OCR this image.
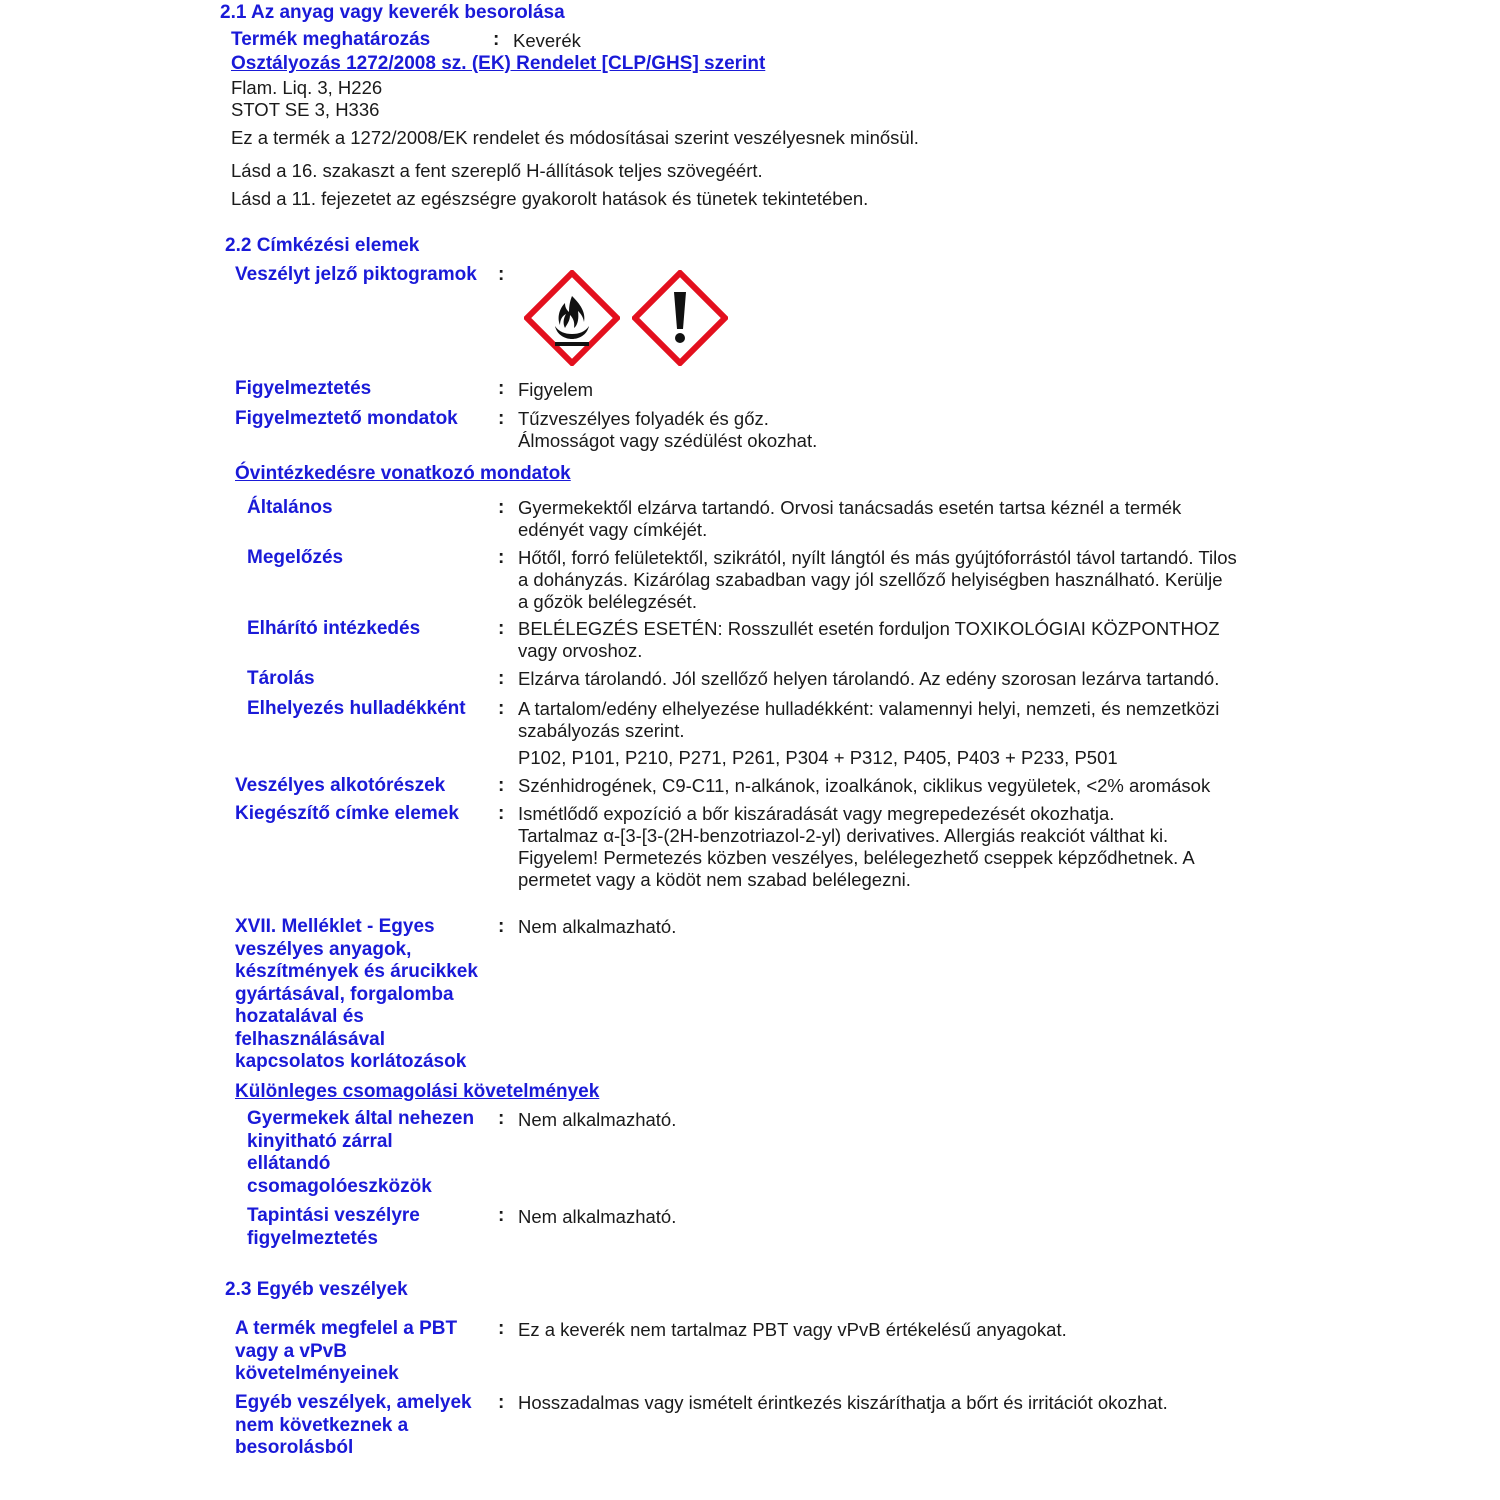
2.1 Az anyag vagy keverék besorolása
Termék meghatározás	: Keverék
Osztályozás 1272/2008 sz. (EK) Rendelet [CLP/GHS] szerint
Flam. Liq. 3, H226
STOT SE 3, H336
Ez a termék a 1272/2008/EK rendelet és módosításai szerint veszélyesnek minősül.
Lásd a 16. szakaszt a fent szereplő H-állítások teljes szövegéért.
Lásd a 11. fejezetet az egészségre gyakorolt hatások és tünetek tekintetében.
2.2 Címkézési elemek
Veszélyt jelző piktogramok :
Figyelmeztetés	: Figyelem
Figyelmeztető mondatok : Tűzveszélyes folyadék és gőz.
Álmosságot vagy szédülést okozhat.
Óvintézkedésre vonatkozó mondatok
Általános	: Gyermekektől elzárva tartandó. Orvosi tanácsadás esetén tartsa kéznél a termék
edényét vagy címkéjét.
Megelőzés	: Hőtől, forró felületektől, szikrától, nyílt lángtól és más gyújtóforrástól távol tartandó. Tilos
a dohányzás. Kizárólag szabadban vagy jól szellőző helyiségben használható. Kerülje
a gőzök belélegzését.
Elhárító intézkedés	: BELÉLEGZÉS ESETÉN: Rosszullét esetén forduljon TOXIKOLÓGIAI KÖZPONTHOZ
vagy orvoshoz.
Tárolás	: Elzárva tárolandó. Jól szellőző helyen tárolandó. Az edény szorosan lezárva tartandó.
Elhelyezés hulladékként : A tartalom/edény elhelyezése hulladékként: valamennyi helyi, nemzeti, és nemzetközi
szabályozás szerint.
P102, P101, P210, P271, P261, P304 + P312, P405, P403 + P233, P501
Veszélyes alkotórészek	: Szénhidrogének, C9-C11, n-alkánok, izoalkánok, ciklikus vegyületek, <2% aromások
Kiegészítő címke elemek : Ismétlődő expozíció a bőr kiszáradását vagy megrepedezését okozhatja.
Tartalmaz α-[3-[3-(2H-benzotriazol-2-yl) derivatives. Allergiás reakciót válthat ki.
Figyelem! Permetezés közben veszélyes, belélegezhető cseppek képződhetnek. A
permetet vagy a ködöt nem szabad belélegezni.
XVII. Melléklet - Egyes
veszélyes anyagok,
készítmények és árucikkek
gyártásával, forgalomba
hozatalával és
felhasználásával
kapcsolatos korlátozások
: Nem alkalmazható.
Különleges csomagolási követelmények
Gyermekek által nehezen
kinyitható zárral
ellátandó
csomagolóeszközök
: Nem alkalmazható.
Tapintási veszélyre
figyelmeztetés
: Nem alkalmazható.
2.3 Egyéb veszélyek
A termék megfelel a PBT
vagy a vPvB
követelményeinek
: Ez a keverék nem tartalmaz PBT vagy vPvB értékelésű anyagokat.
Egyéb veszélyek, amelyek
nem következnek a
besorolásból
: Hosszadalmas vagy ismételt érintkezés kiszáríthatja a bőrt és irritációt okozhat.
